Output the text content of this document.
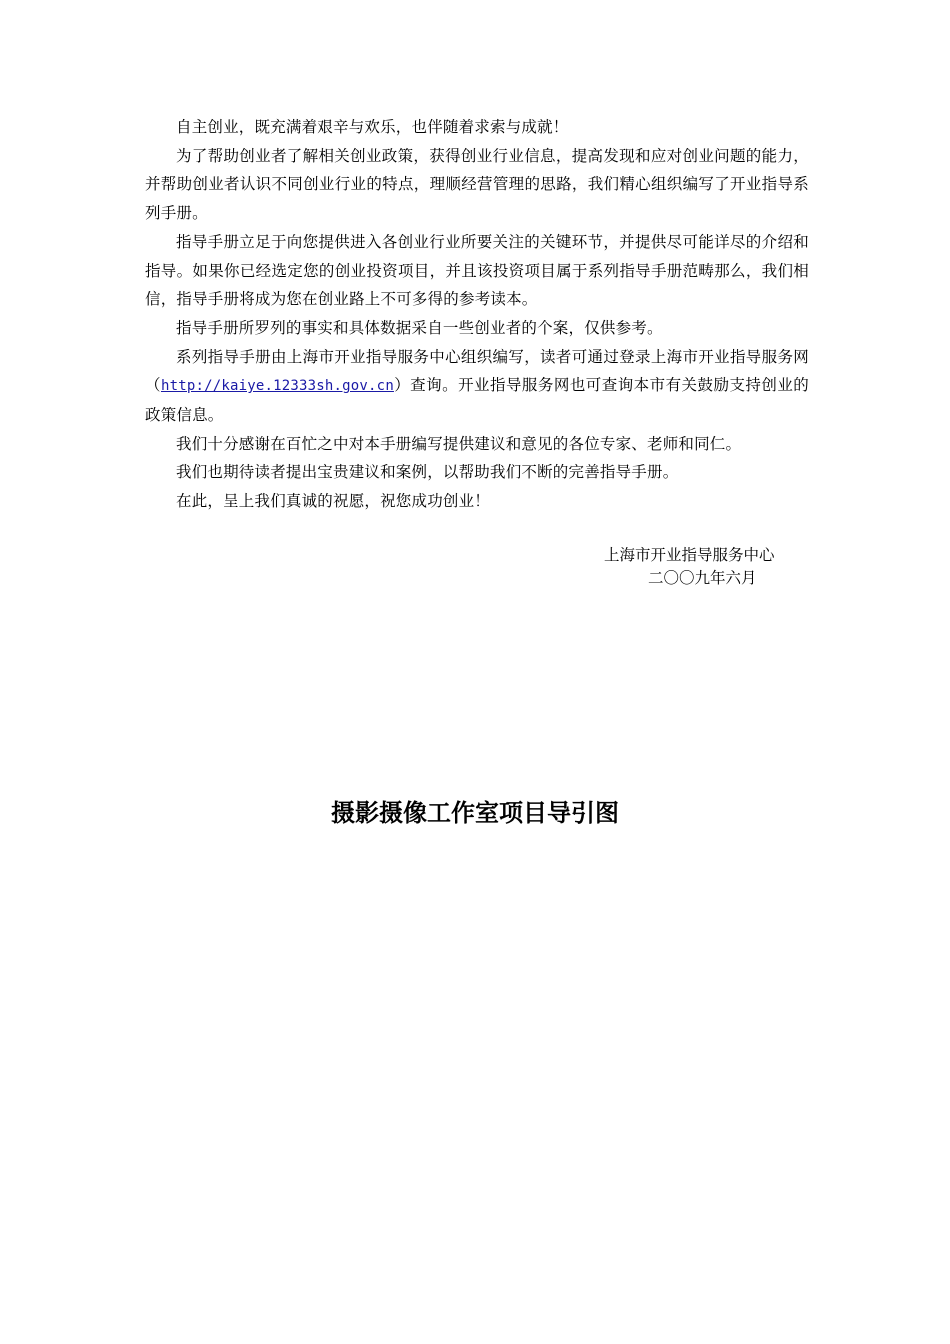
自主创业，既充满着艰辛与欢乐，也伴随着求索与成就！

为了帮助创业者了解相关创业政策，获得创业行业信息，提高发现和应对创业问题的能力，并帮助创业者认识不同创业行业的特点，理顺经营管理的思路，我们精心组织编写了开业指导系列手册。

指导手册立足于向您提供进入各创业行业所要关注的关键环节，并提供尽可能详尽的介绍和指导。如果你已经选定您的创业投资项目，并且该投资项目属于系列指导手册范畴那么，我们相信，指导手册将成为您在创业路上不可多得的参考读本。

指导手册所罗列的事实和具体数据采自一些创业者的个案，仅供参考。

系列指导手册由上海市开业指导服务中心组织编写，读者可通过登录上海市开业指导服务网（http://kaiye.12333sh.gov.cn）查询。开业指导服务网也可查询本市有关鼓励支持创业的政策信息。

我们十分感谢在百忙之中对本手册编写提供建议和意见的各位专家、老师和同仁。

我们也期待读者提出宝贵建议和案例，以帮助我们不断的完善指导手册。

在此，呈上我们真诚的祝愿，祝您成功创业！

上海市开业指导服务中心
二〇〇九年六月
摄影摄像工作室项目导引图
